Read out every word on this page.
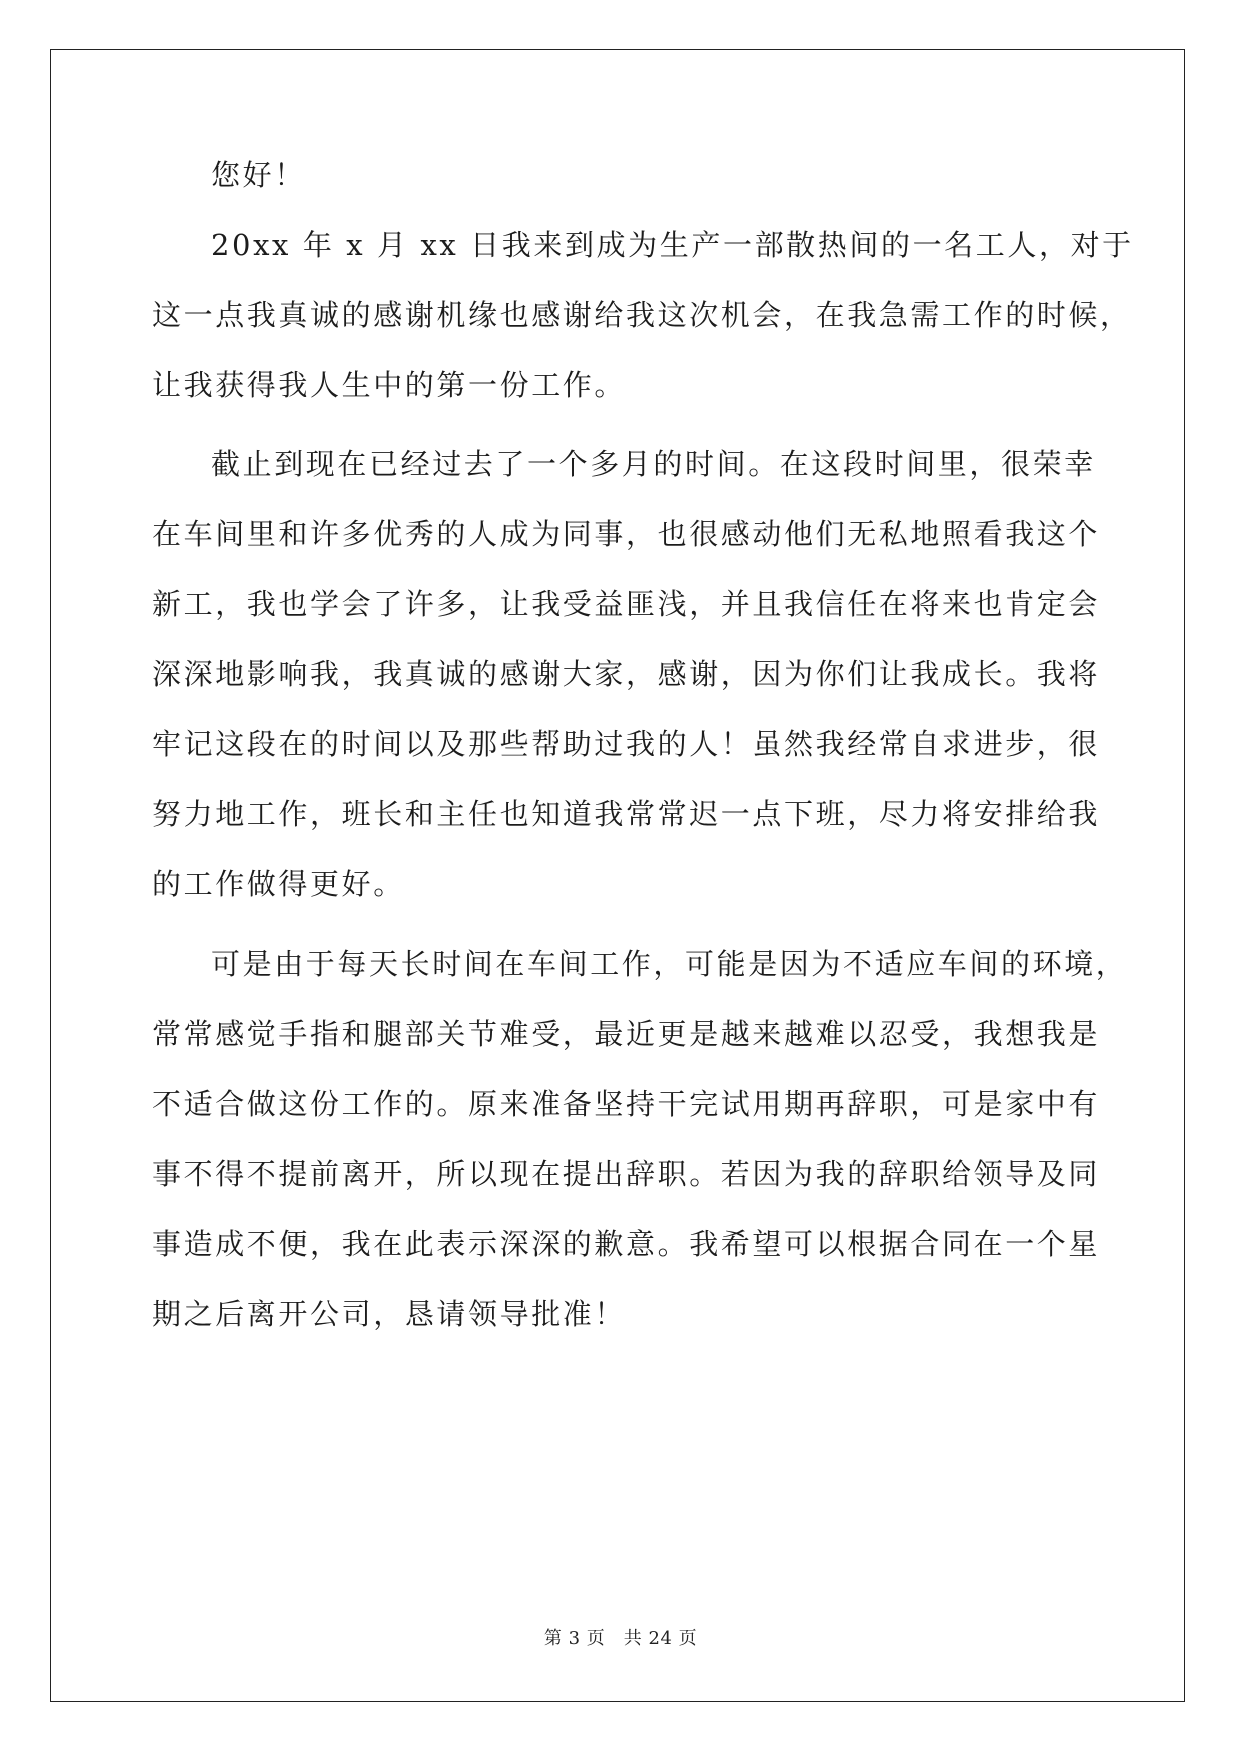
您好！
20xx 年 x 月 xx 日我来到成为生产一部散热间的一名工人，对于
这一点我真诚的感谢机缘也感谢给我这次机会，在我急需工作的时候，
让我获得我人生中的第一份工作。
截止到现在已经过去了一个多月的时间。在这段时间里，很荣幸
在车间里和许多优秀的人成为同事，也很感动他们无私地照看我这个
新工，我也学会了许多，让我受益匪浅，并且我信任在将来也肯定会
深深地影响我，我真诚的感谢大家，感谢，因为你们让我成长。我将
牢记这段在的时间以及那些帮助过我的人！虽然我经常自求进步，很
努力地工作，班长和主任也知道我常常迟一点下班，尽力将安排给我
的工作做得更好。
可是由于每天长时间在车间工作，可能是因为不适应车间的环境，
常常感觉手指和腿部关节难受，最近更是越来越难以忍受，我想我是
不适合做这份工作的。原来准备坚持干完试用期再辞职，可是家中有
事不得不提前离开，所以现在提出辞职。若因为我的辞职给领导及同
事造成不便，我在此表示深深的歉意。我希望可以根据合同在一个星
期之后离开公司，恳请领导批准！
第 3 页　共 24 页
